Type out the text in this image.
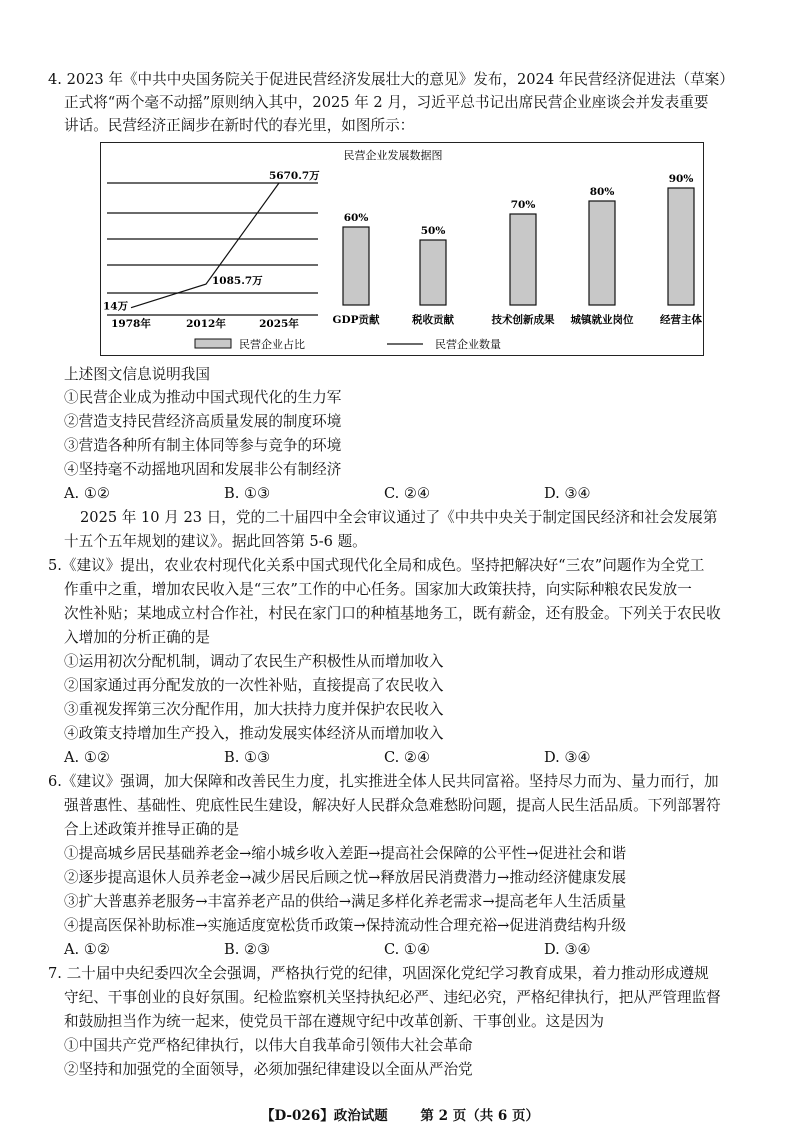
4. 2023 年《中共中央国务院关于促进民营经济发展壮大的意见》发布，2024 年民营经济促进法（草案）
正式将“两个毫不动摇”原则纳入其中，2025 年 2 月，习近平总书记出席民营企业座谈会并发表重要
讲话。民营经济正阔步在新时代的春光里，如图所示：
民营企业发展数据图
14万
1978年
1085.7万
2012年
5670.7万
2025年
60%
GDP贡献
50%
税收贡献
70%
技术创新成果
80%
城镇就业岗位
90%
经营主体
民营企业占比	民营企业数量
上述图文信息说明我国
①民营企业成为推动中国式现代化的生力军
②营造支持民营经济高质量发展的制度环境
③营造各种所有制主体同等参与竞争的环境
④坚持毫不动摇地巩固和发展非公有制经济
A. ①②	B. ①③	C. ②④	D. ③④
2025 年 10 月 23 日，党的二十届四中全会审议通过了《中共中央关于制定国民经济和社会发展第
十五个五年规划的建议》。据此回答第 5-6 题。
5.《建议》提出，农业农村现代化关系中国式现代化全局和成色。坚持把解决好“三农”问题作为全党工
作重中之重，增加农民收入是“三农”工作的中心任务。国家加大政策扶持，向实际种粮农民发放一
次性补贴；某地成立村合作社，村民在家门口的种植基地务工，既有薪金，还有股金。下列关于农民收
入增加的分析正确的是
①运用初次分配机制，调动了农民生产积极性从而增加收入
②国家通过再分配发放的一次性补贴，直接提高了农民收入
③重视发挥第三次分配作用，加大扶持力度并保护农民收入
④政策支持增加生产投入，推动发展实体经济从而增加收入
A. ①②	B. ①③	C. ②④	D. ③④
6.《建议》强调，加大保障和改善民生力度，扎实推进全体人民共同富裕。坚持尽力而为、量力而行，加
强普惠性、基础性、兜底性民生建设，解决好人民群众急难愁盼问题，提高人民生活品质。下列部署符
合上述政策并推导正确的是
①提高城乡居民基础养老金→缩小城乡收入差距→提高社会保障的公平性→促进社会和谐
②逐步提高退休人员养老金→减少居民后顾之忧→释放居民消费潜力→推动经济健康发展
③扩大普惠养老服务→丰富养老产品的供给→满足多样化养老需求→提高老年人生活质量
④提高医保补助标准→实施适度宽松货币政策→保持流动性合理充裕→促进消费结构升级
A. ①②	B. ②③	C. ①④	D. ③④
7. 二十届中央纪委四次全会强调，严格执行党的纪律，巩固深化党纪学习教育成果，着力推动形成遵规
守纪、干事创业的良好氛围。纪检监察机关坚持执纪必严、违纪必究，严格纪律执行，把从严管理监督
和鼓励担当作为统一起来，使党员干部在遵规守纪中改革创新、干事创业。这是因为
①中国共产党严格纪律执行，以伟大自我革命引领伟大社会革命
②坚持和加强党的全面领导，必须加强纪律建设以全面从严治党
【D-026】政治试题 第 2 页（共 6 页）
